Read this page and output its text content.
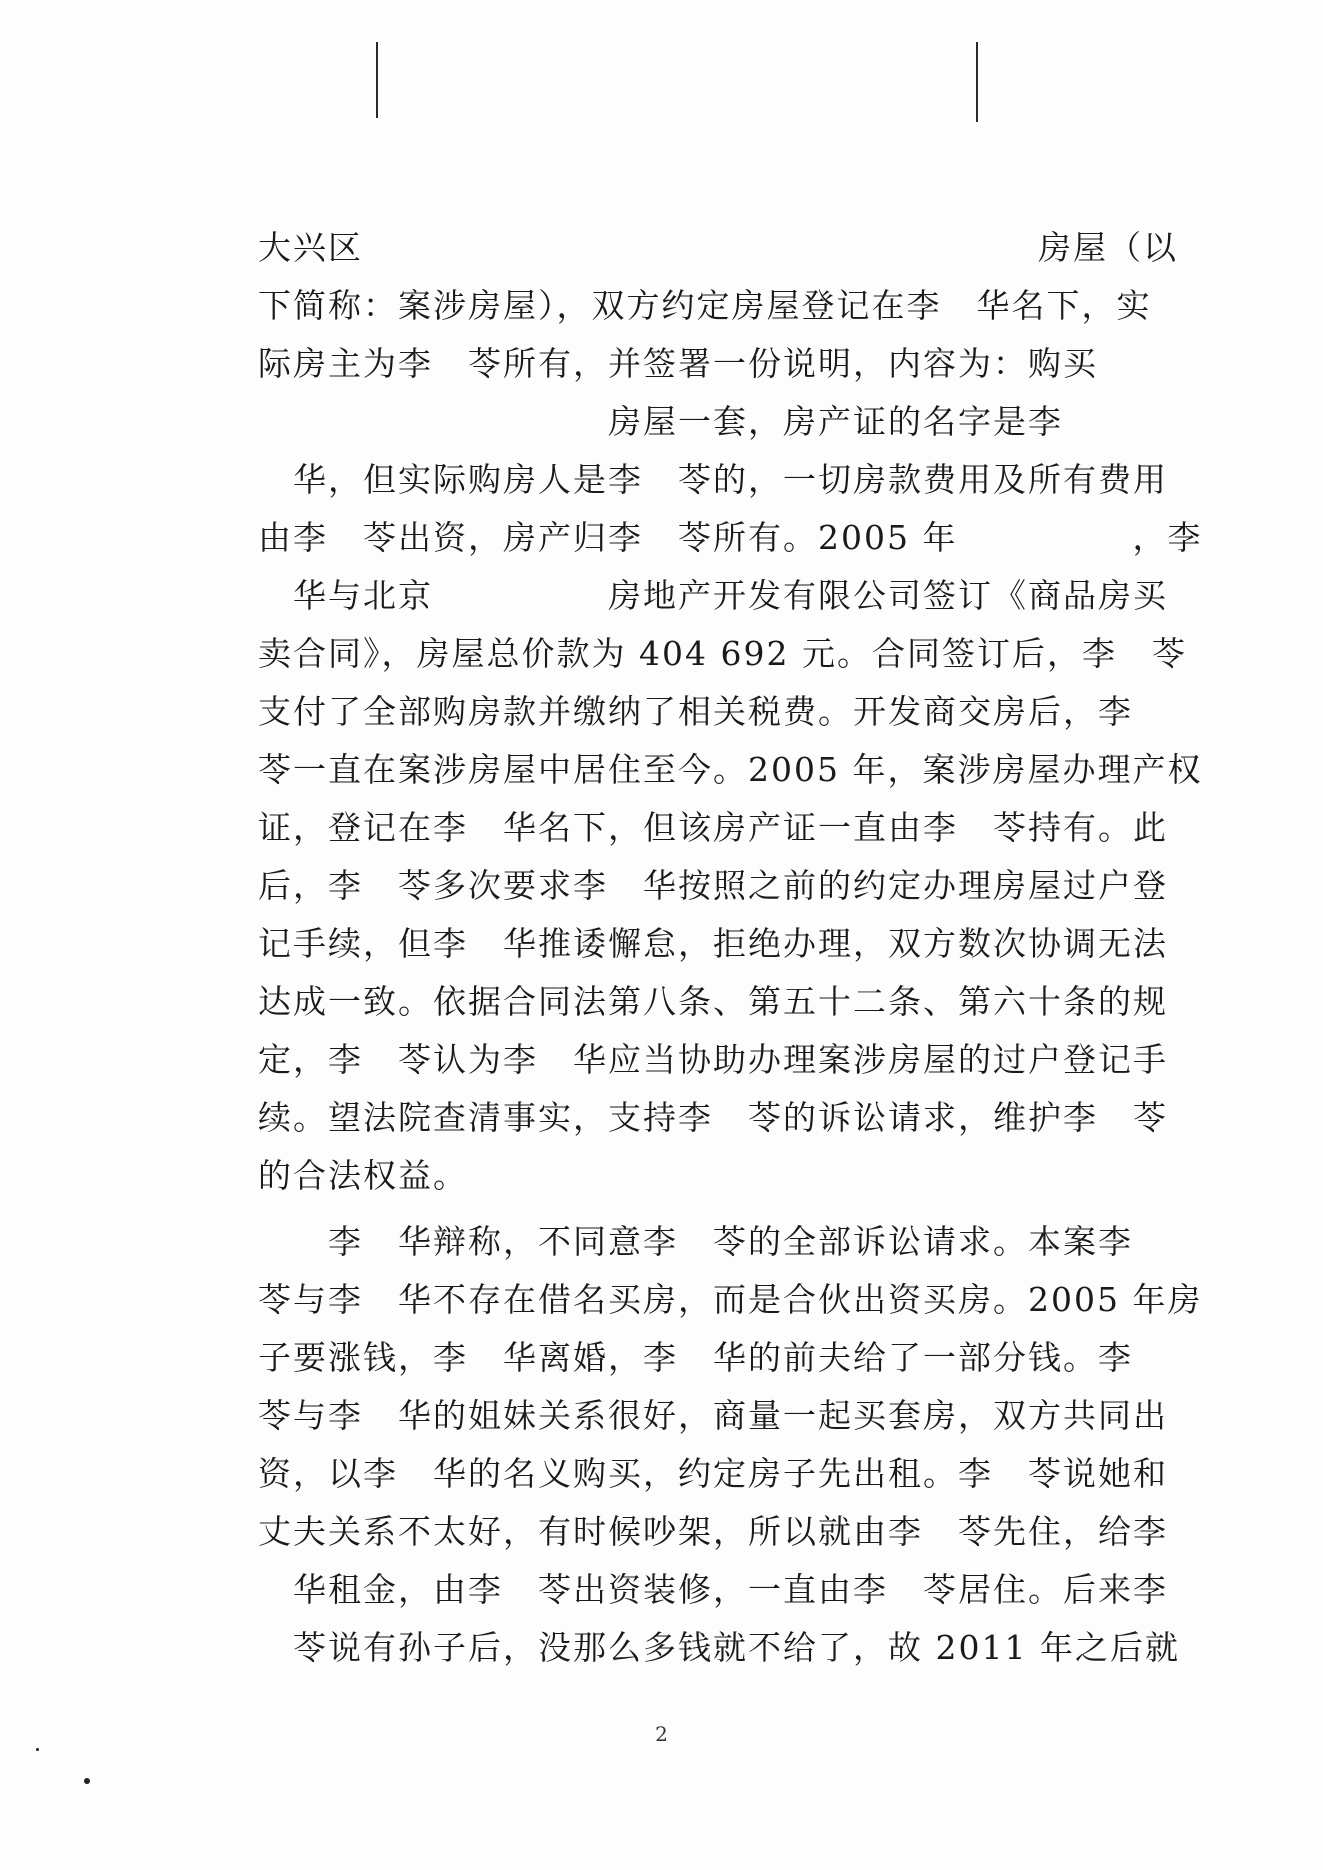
大兴区	房屋（以
下简称：案涉房屋），双方约定房屋登记在李　华名下，实
际房主为李　苓所有，并签署一份说明，内容为：购买
　　　　　　　　　　房屋一套，房产证的名字是李
　华，但实际购房人是李　苓的，一切房款费用及所有费用
由李　苓出资，房产归李　苓所有。2005 年　　　　　，李
　华与北京　　　　　房地产开发有限公司签订《商品房买
卖合同》，房屋总价款为 404 692 元。合同签订后，李　苓
支付了全部购房款并缴纳了相关税费。开发商交房后，李
苓一直在案涉房屋中居住至今。2005 年，案涉房屋办理产权
证，登记在李　华名下，但该房产证一直由李　苓持有。此
后，李　苓多次要求李　华按照之前的约定办理房屋过户登
记手续，但李　华推诿懈怠，拒绝办理，双方数次协调无法
达成一致。依据合同法第八条、第五十二条、第六十条的规
定，李　苓认为李　华应当协助办理案涉房屋的过户登记手
续。望法院查清事实，支持李　苓的诉讼请求，维护李　苓
的合法权益。
　　李　华辩称，不同意李　苓的全部诉讼请求。本案李
苓与李　华不存在借名买房，而是合伙出资买房。2005 年房
子要涨钱，李　华离婚，李　华的前夫给了一部分钱。李
苓与李　华的姐妹关系很好，商量一起买套房，双方共同出
资，以李　华的名义购买，约定房子先出租。李　苓说她和
丈夫关系不太好，有时候吵架，所以就由李　苓先住，给李
　华租金，由李　苓出资装修，一直由李　苓居住。后来李
　苓说有孙子后，没那么多钱就不给了，故 2011 年之后就
2
